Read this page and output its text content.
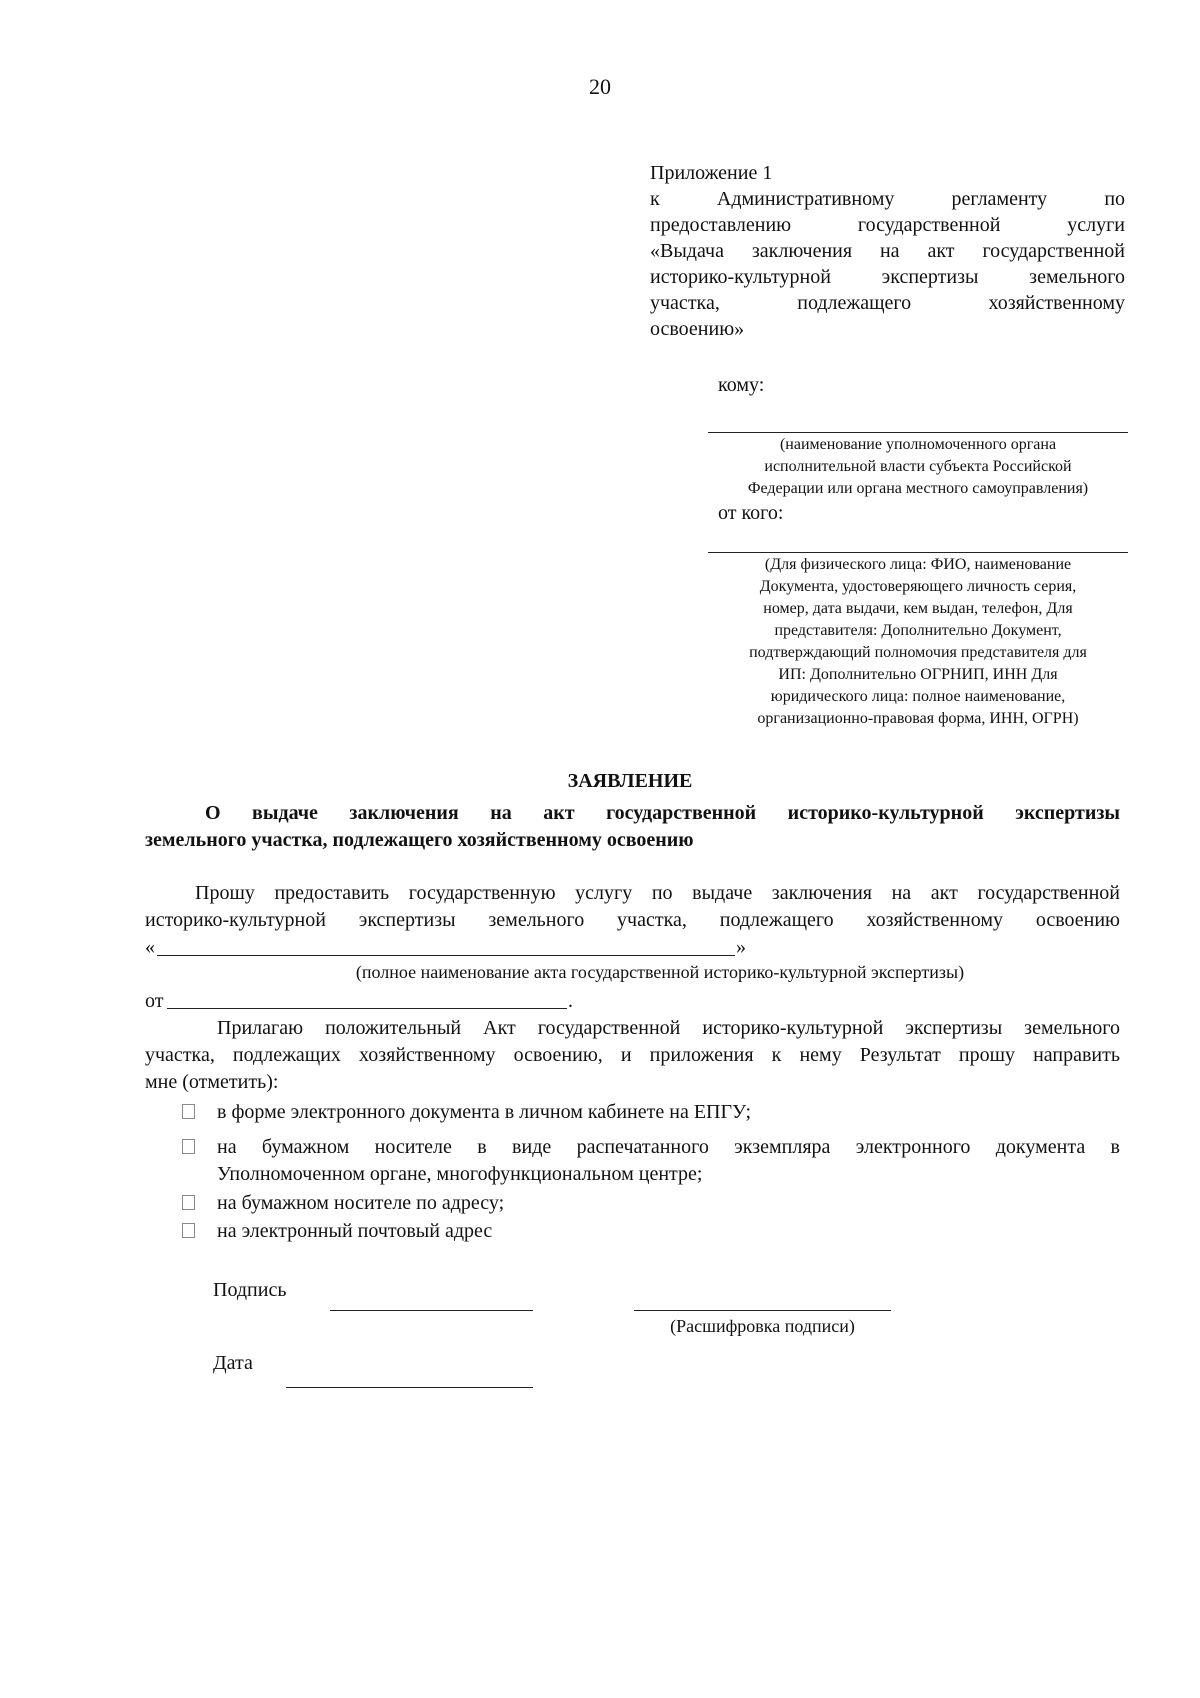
20
Приложение 1
к	Административному	регламенту	по
предоставлению	государственной	услуги
«Выдача заключения на акт государственной
историко-культурной экспертизы земельного
участка,	подлежащего	хозяйственному
освоению»
кому:
(наименование уполномоченного органа
исполнительной власти субъекта Российской
Федерации или органа местного самоуправления)
от кого:
(Для физического лица: ФИО, наименование
Документа, удостоверяющего личность серия,
номер, дата выдачи, кем выдан, телефон, Для
представителя: Дополнительно Документ,
подтверждающий полномочия представителя для
ИП: Дополнительно ОГРНИП, ИНН Для
юридического лица: полное наименование,
организационно-правовая форма, ИНН, ОГРН)
ЗАЯВЛЕНИЕ
О выдаче заключения на акт государственной историко-культурной экспертизы
земельного участка, подлежащего хозяйственному освоению
Прошу предоставить государственную услугу по выдаче заключения на акт государственной
историко-культурной экспертизы земельного участка, подлежащего хозяйственному освоению
«	»
(полное наименование акта государственной историко-культурной экспертизы)
от	.
Прилагаю положительный Акт государственной историко-культурной экспертизы земельного
участка, подлежащих хозяйственному освоению, и приложения к нему Результат прошу направить
мне (отметить):
в форме электронного документа в личном кабинете на ЕПГУ;
на бумажном носителе в виде распечатанного экземпляра электронного документа в
Уполномоченном органе, многофункциональном центре;
на бумажном носителе по адресу;
на электронный почтовый адрес
Подпись
(Расшифровка подписи)
Дата
